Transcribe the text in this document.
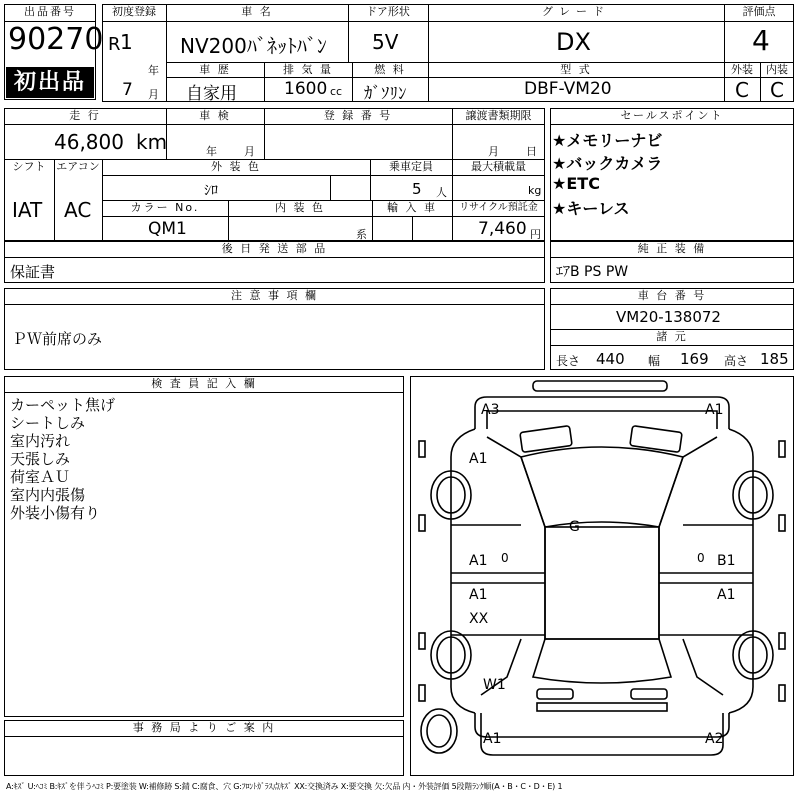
出品番号
90270
初出品
初度登録
R 1
年
7 月
車 名
NV200ﾊﾞﾈｯﾄﾊﾞﾝ
ドア形状
5V
グレード
DX
評価点
4
車 歴
自家用
排 気 量
1600 cc
燃 料
ｶﾞｿﾘﾝ
型 式
DBF-VM20
外装
C
内装
C
走 行
46,800 km
車 検
年 月
登 録 番 号	譲渡書類期限
月 日
シフト
IAT
エアコン
AC
外 装 色
ｼﾛ
乗車定員
5 人
最大積載量
kg
カラー No.
QM1
内 装 色
系
輸 入 車	リサイクル預託金
7,460 円
セールスポイント
★メモリーナビ
★バックカメラ
★ETC
★キーレス
後 日 発 送 部 品
保証書
純 正 装 備
ｴｱB PS PW
注 意 事 項 欄
ＰＷ前席のみ
車 台 番 号
VM20-138072
諸 元
長さ 440 幅 169 高さ 185
検 査 員 記 入 欄
カーペット焦げ
シートしみ
室内汚れ
天張しみ
荷室ＡＵ
室内内張傷
外装小傷有り
事 務 局 よ り ご 案 内
A3	A1
A1
G
A1 0	0 B1
A1	A1
XX
W1
A1	A2
A:ｷｽﾞ U:ﾍｺﾐ B:ｷｽﾞを伴うﾍｺﾐ P:要塗装 W:補修跡 S:錆 C:腐食、穴 G:ﾌﾛﾝﾄｶﾞﾗｽ点ｷｽﾞ XX:交換済み X:要交換 欠:欠品 内・外装評価 5段階ﾗﾝｸ順(A・B・C・D・E) 1
